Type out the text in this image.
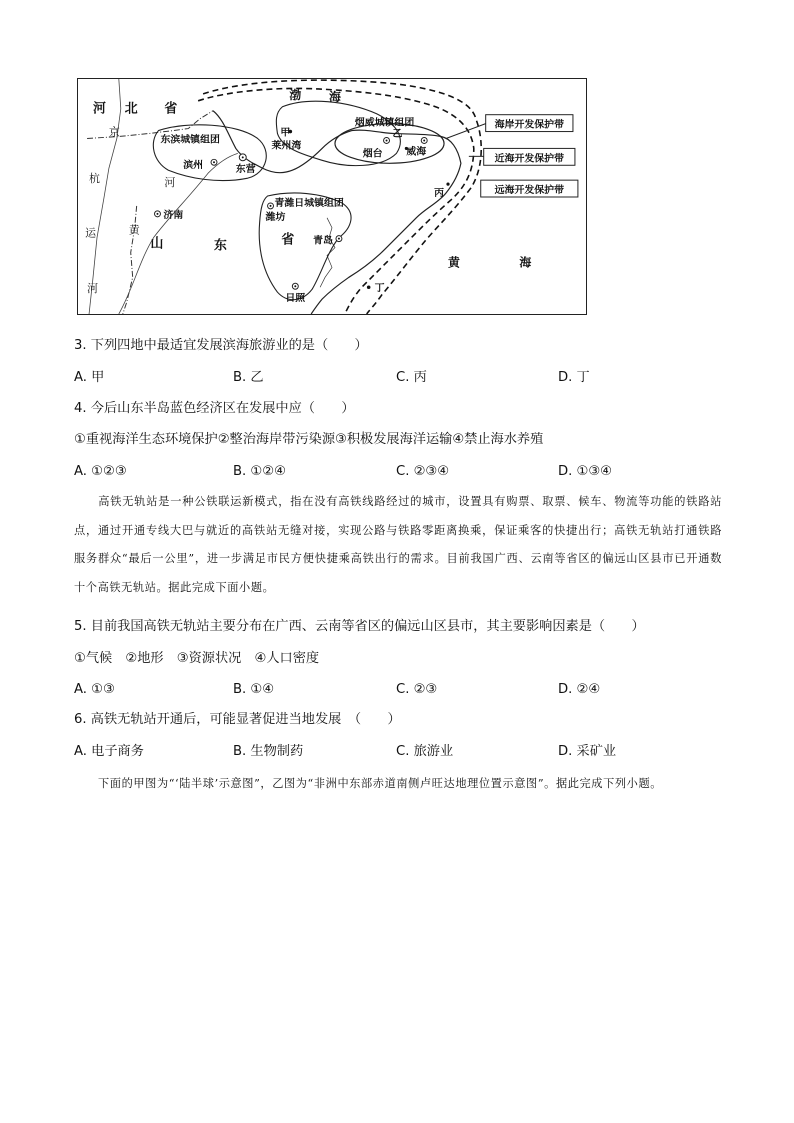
海岸开发保护带
近海开发保护带
远海开发保护带
河 北 省
渤 海
京
杭
运
河
黄
河
山	东	省
黄	海
东滨城镇组团
烟威城镇组团
青潍日城镇组团
滨州	东营
济南
甲
莱州湾
乙
烟台 威海
丙
丁
潍坊
青岛
日照
3. 下列四地中最适宜发展滨海旅游业的是（　　）
A. 甲	B. 乙	C. 丙	D. 丁
4. 今后山东半岛蓝色经济区在发展中应（　　）
①重视海洋生态环境保护②整治海岸带污染源③积极发展海洋运输④禁止海水养殖
A. ①②③	B. ①②④	C. ②③④	D. ①③④
高铁无轨站是一种公铁联运新模式，指在没有高铁线路经过的城市，设置具有购票、取票、候车、物流等功能的铁路站点，通过开通专线大巴与就近的高铁站无缝对接，实现公路与铁路零距离换乘，保证乘客的快捷出行；高铁无轨站打通铁路服务群众“最后一公里”，进一步满足市民方便快捷乘高铁出行的需求。目前我国广西、云南等省区的偏远山区县市已开通数十个高铁无轨站。据此完成下面小题。
5. 目前我国高铁无轨站主要分布在广西、云南等省区的偏远山区县市，其主要影响因素是（　　）
①气候　②地形　③资源状况　④人口密度
A. ①③	B. ①④	C. ②③	D. ②④
6. 高铁无轨站开通后，可能显著促进当地发展　（　　）
A. 电子商务	B. 生物制药	C. 旅游业	D. 采矿业
下面的甲图为“‘陆半球’示意图”，乙图为“非洲中东部赤道南侧卢旺达地理位置示意图”。据此完成下列小题。
